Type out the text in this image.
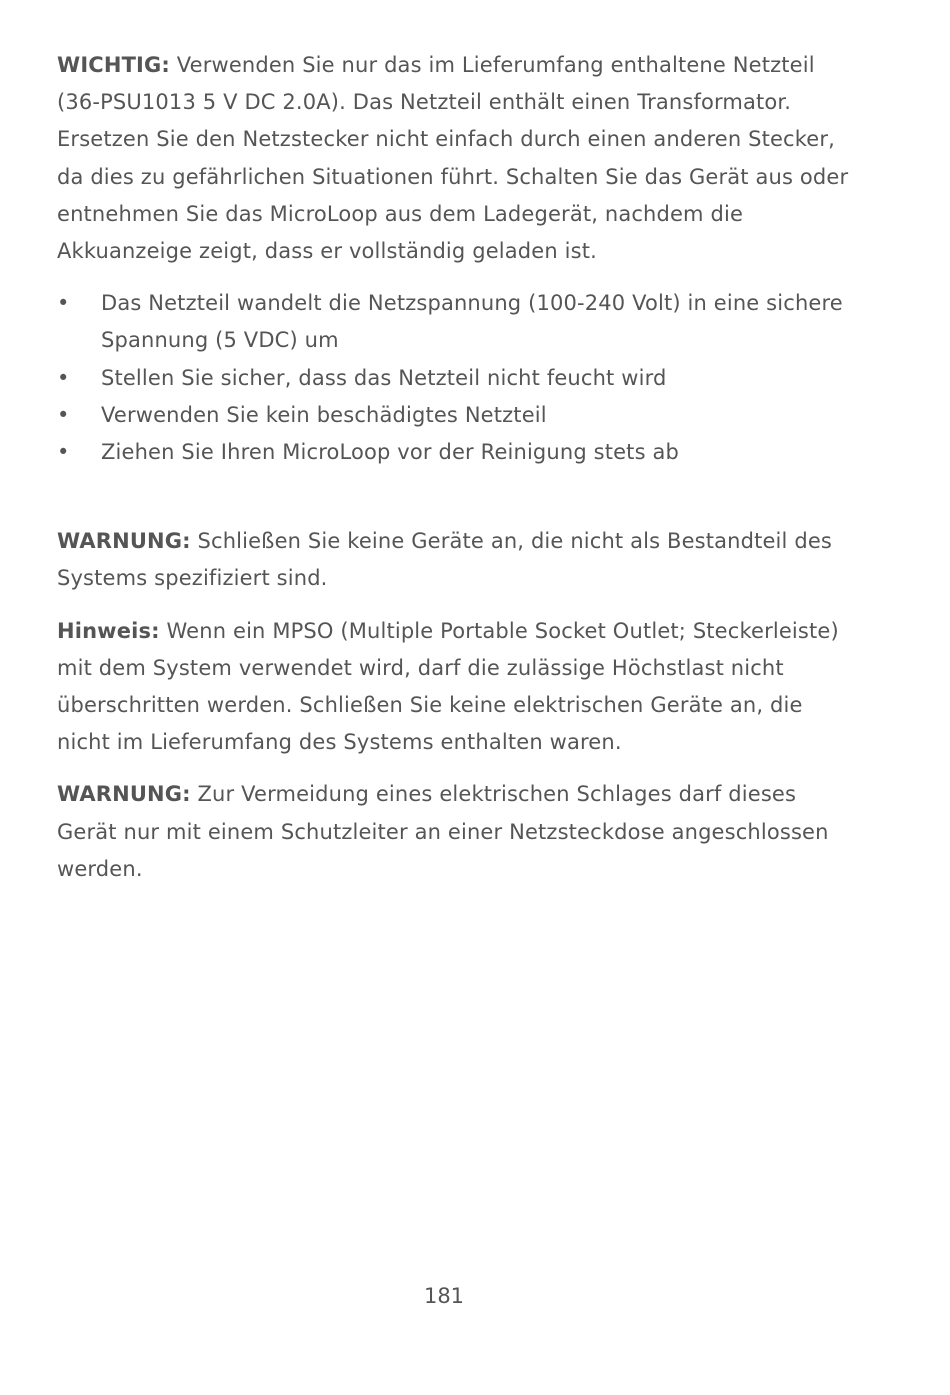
WICHTIG: Verwenden Sie nur das im Lieferumfang enthaltene Netzteil (36-PSU1013 5 V DC 2.0A). Das Netzteil enthält einen Transformator. Ersetzen Sie den Netzstecker nicht einfach durch einen anderen Stecker, da dies zu gefährlichen Situationen führt. Schalten Sie das Gerät aus oder entnehmen Sie das MicroLoop aus dem Ladegerät, nachdem die Akkuanzeige zeigt, dass er vollständig geladen ist.

• Das Netzteil wandelt die Netzspannung (100-240 Volt) in eine sichere Spannung (5 VDC) um
• Stellen Sie sicher, dass das Netzteil nicht feucht wird
• Verwenden Sie kein beschädigtes Netzteil
• Ziehen Sie Ihren MicroLoop vor der Reinigung stets ab

WARNUNG: Schließen Sie keine Geräte an, die nicht als Bestandteil des Systems spezifiziert sind.

Hinweis: Wenn ein MPSO (Multiple Portable Socket Outlet; Steckerleiste) mit dem System verwendet wird, darf die zulässige Höchstlast nicht überschritten werden. Schließen Sie keine elektrischen Geräte an, die nicht im Lieferumfang des Systems enthalten waren.

WARNUNG: Zur Vermeidung eines elektrischen Schlages darf dieses Gerät nur mit einem Schutzleiter an einer Netzsteckdose angeschlossen werden.

181
